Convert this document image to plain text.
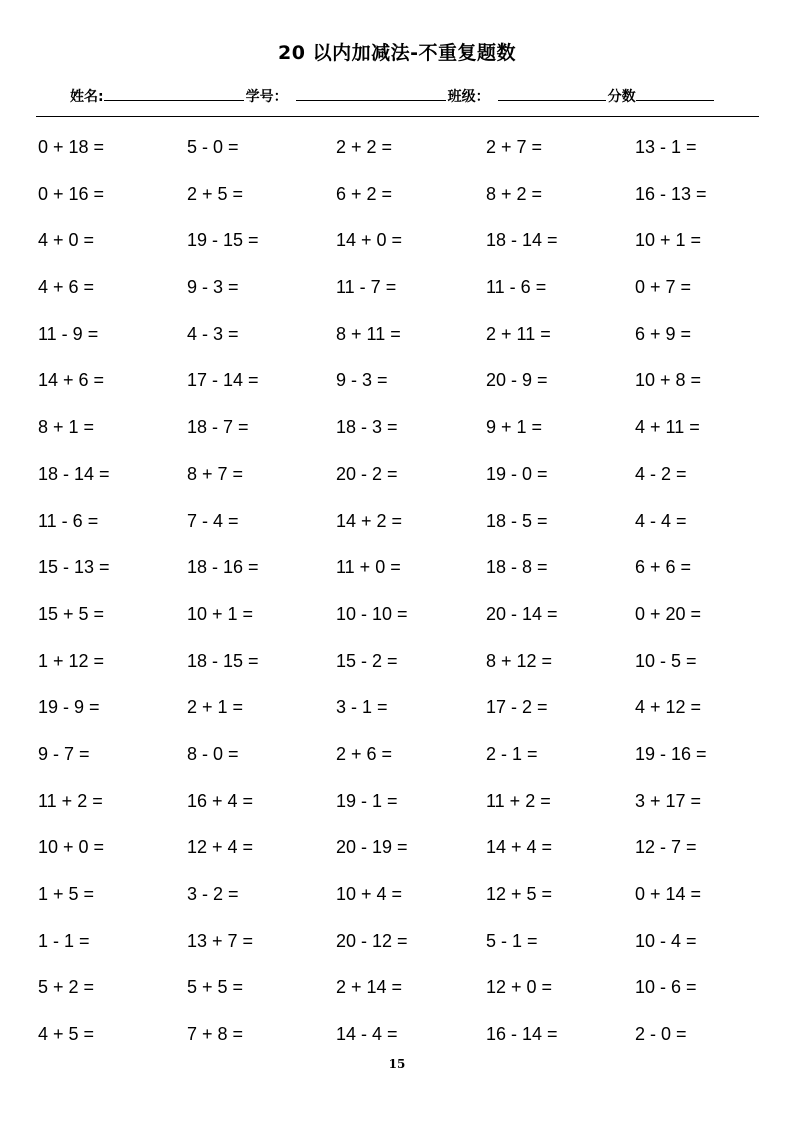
20 以内加减法-不重复题数
姓名:	学号：	班级：	分数
0 + 18 =	5 - 0 =	2 + 2 =	2 + 7 =	13 - 1 =
0 + 16 =	2 + 5 =	6 + 2 =	8 + 2 =	16 - 13 =
4 + 0 =	19 - 15 =	14 + 0 =	18 - 14 =	10 + 1 =
4 + 6 =	9 - 3 =	11 - 7 =	11 - 6 =	0 + 7 =
11 - 9 =	4 - 3 =	8 + 11 =	2 + 11 =	6 + 9 =
14 + 6 =	17 - 14 =	9 - 3 =	20 - 9 =	10 + 8 =
8 + 1 =	18 - 7 =	18 - 3 =	9 + 1 =	4 + 11 =
18 - 14 =	8 + 7 =	20 - 2 =	19 - 0 =	4 - 2 =
11 - 6 =	7 - 4 =	14 + 2 =	18 - 5 =	4 - 4 =
15 - 13 =	18 - 16 =	11 + 0 =	18 - 8 =	6 + 6 =
15 + 5 =	10 + 1 =	10 - 10 =	20 - 14 =	0 + 20 =
1 + 12 =	18 - 15 =	15 - 2 =	8 + 12 =	10 - 5 =
19 - 9 =	2 + 1 =	3 - 1 =	17 - 2 =	4 + 12 =
9 - 7 =	8 - 0 =	2 + 6 =	2 - 1 =	19 - 16 =
11 + 2 =	16 + 4 =	19 - 1 =	11 + 2 =	3 + 17 =
10 + 0 =	12 + 4 =	20 - 19 =	14 + 4 =	12 - 7 =
1 + 5 =	3 - 2 =	10 + 4 =	12 + 5 =	0 + 14 =
1 - 1 =	13 + 7 =	20 - 12 =	5 - 1 =	10 - 4 =
5 + 2 =	5 + 5 =	2 + 14 =	12 + 0 =	10 - 6 =
4 + 5 =	7 + 8 =	14 - 4 =	16 - 14 =	2 - 0 =
15
